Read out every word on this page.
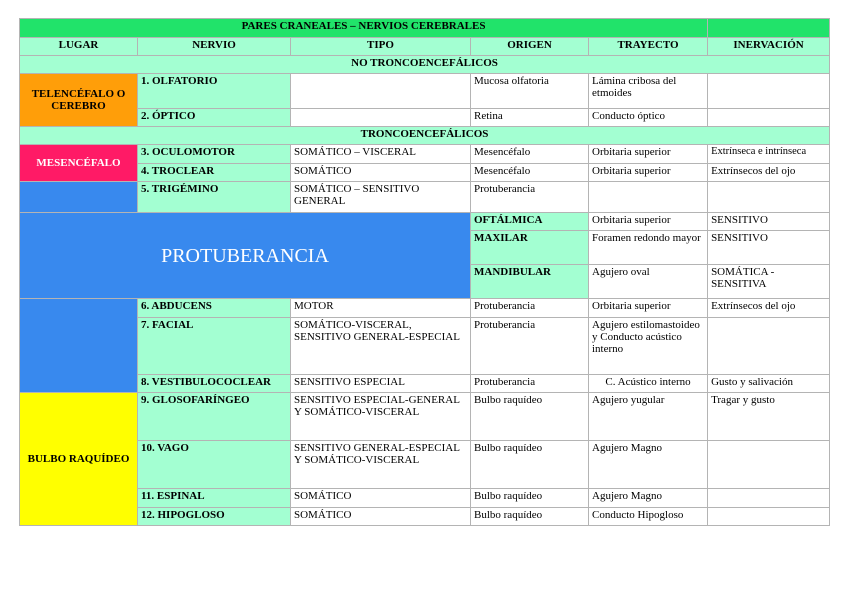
PARES CRANEALES – NERVIOS CEREBRALES					
LUGAR	NERVIO	TIPO	ORIGEN	TRAYECTO	INERVACIÓN
NO TRONCOENCEFÁLICOS					
TELENCÉFALO O CEREBRO	1. OLFATORIO		Mucosa olfatoria	Lámina cribosa del etmoides	
	2. ÓPTICO		Retina	Conducto óptico	
TRONCOENCEFÁLICOS					
MESENCÉFALO	3. OCULOMOTOR	SOMÁTICO – VISCERAL	Mesencéfalo	Orbitaria superior	Extrínseca e intrínseca
	4. TROCLEAR	SOMÁTICO	Mesencéfalo	Orbitaria superior	Extrínsecos del ojo
	5. TRIGÉMINO	SOMÁTICO – SENSITIVO GENERAL	Protuberancia		
PROTUBERANCIA			OFTÁLMICA	Orbitaria superior	SENSITIVO
			MAXILAR	Foramen redondo mayor	SENSITIVO
			MANDIBULAR	Agujero oval	SOMÁTICA - SENSITIVA
	6. ABDUCENS	MOTOR	Protuberancia	Orbitaria superior	Extrínsecos del ojo
	7. FACIAL	SOMÁTICO-VISCERAL, SENSITIVO GENERAL-ESPECIAL	Protuberancia	Agujero estilomastoideo y Conducto acústico interno	
	8. VESTIBULOCOCLEAR	SENSITIVO ESPECIAL	Protuberancia	C. Acústico interno	Gusto y salivación
BULBO RAQUÍDEO	9. GLOSOFARÍNGEO	SENSITIVO ESPECIAL-GENERAL Y SOMÁTICO-VISCERAL	Bulbo raquídeo	Agujero yugular	Tragar y gusto
	10. VAGO	SENSITIVO GENERAL-ESPECIAL Y SOMÁTICO-VISCERAL	Bulbo raquídeo	Agujero Magno	
	11. ESPINAL	SOMÁTICO	Bulbo raquídeo	Agujero Magno	
	12. HIPOGLOSO	SOMÁTICO	Bulbo raquídeo	Conducto Hipogloso	
